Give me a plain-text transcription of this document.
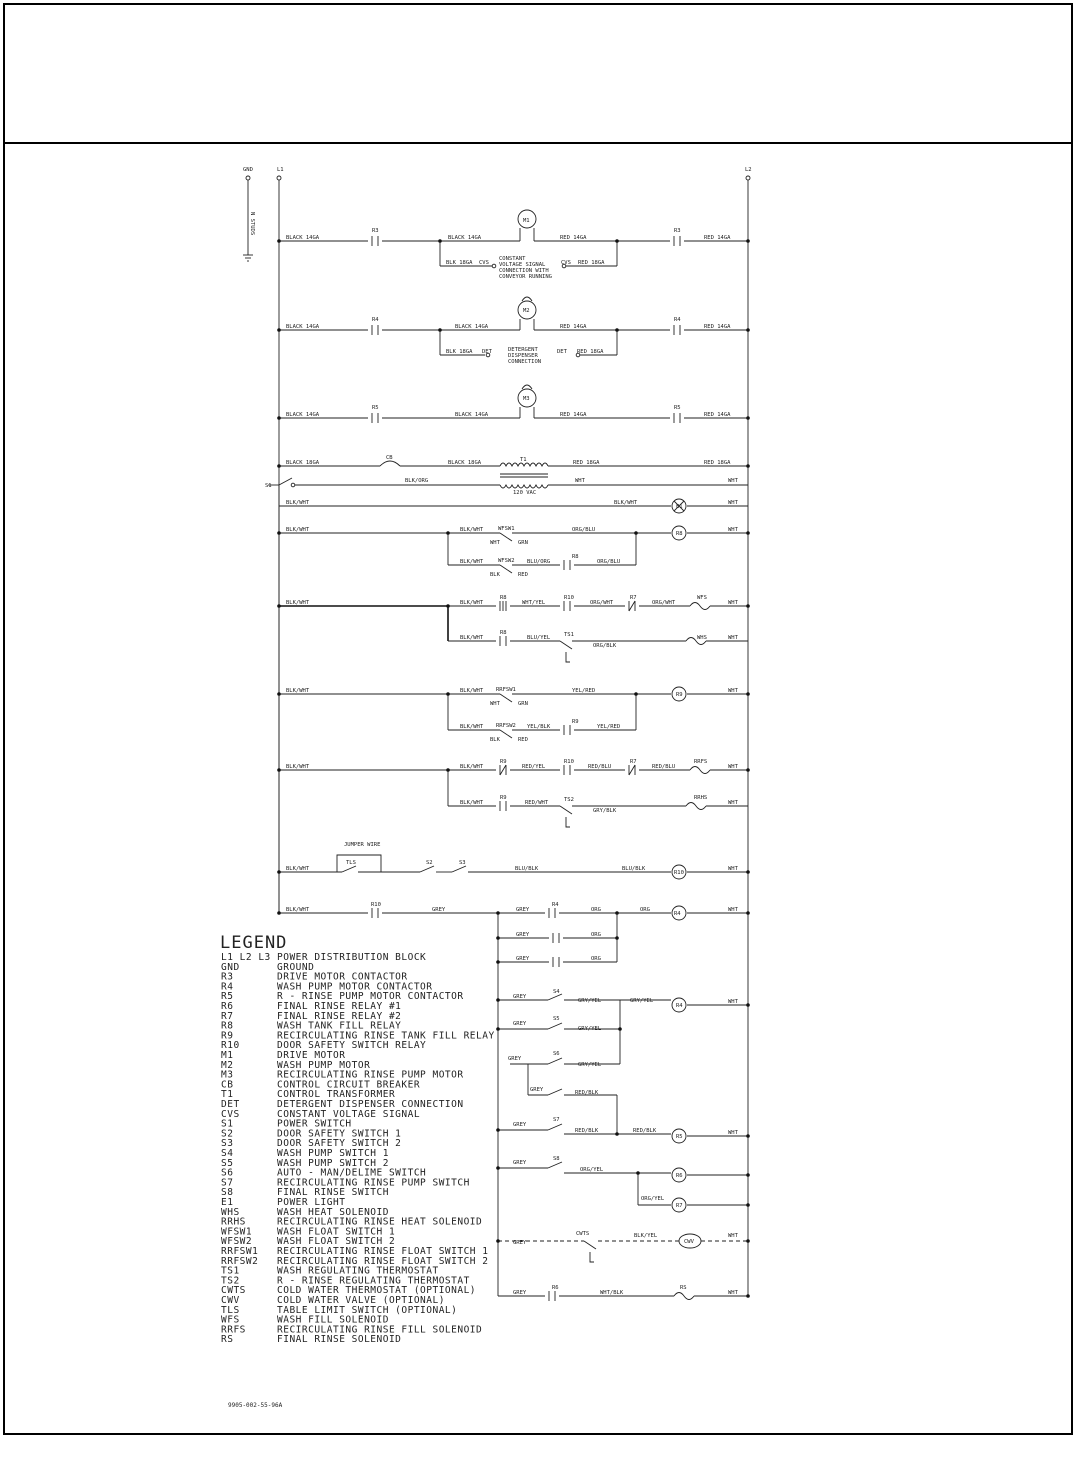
GND	L1	L2
N STUDS
BLACK 14GA
R3
BLACK 14GA
M1
RED 14GA
R3
RED 14GA
BLK 18GA CVS	CVS RED 18GA
CONSTANT
VOLTAGE SIGNAL
CONNECTION WITH
CONVEYOR RUNNING
BLACK 14GA
R4
BLACK 14GA
M2
RED 14GA
R4
RED 14GA
BLK 18GA DET	DET RED 18GA
DETERGENT
DISPENSER
CONNECTION
BLACK 14GA
R5
BLACK 14GA
M3
RED 14GA
R5
RED 14GA
BLACK 18GA
CB
BLACK 18GA	T1	RED 18GA	RED 18GA
120 VAC
S1
BLK/ORG	WHT	WHT
BLK/WHT	BLK/WHT	WHT
E1
BLK/WHT	BLK/WHT	WFSW1
WHT	GRN
ORG/BLU
R8
WHT
BLK/WHT	WFSW2
BLK	RED
BLU/ORG
R8
ORG/BLU
BLK/WHT	BLK/WHT
R8
WHT/YEL
R10
ORG/WHT
R7
ORG/WHT
WFS
WHT
BLK/WHT
R8
BLU/YEL	TS1
ORG/BLK
WHS	WHT
BLK/WHT	BLK/WHT RRFSW1
WHT	GRN
YEL/RED
R9
WHT
BLK/WHT RRFSW2
BLK	RED
YEL/BLK
R9
YEL/RED
BLK/WHT	BLK/WHT
R9
RED/YEL
R10
RED/BLU
R7
RED/BLU
RRFS
WHT
BLK/WHT
R9
RED/WHT	TS2
GRY/BLK
RRHS
WHT
JUMPER WIRE
BLK/WHT
TLS	S2	S3
BLU/BLK	BLU/BLK
R10
WHT
BLK/WHT
R10
GREY	GREY
R4
ORG	ORG
R4
WHT
GREY	ORG
GREY	ORG
GREY
S4
GRY/YEL	GRY/YEL
R4
WHT
GREY
S5
GRY/YEL
GREY
S6
GRY/YEL
GREY	RED/BLK
GREY
S7
RED/BLK	RED/BLK
R5
WHT
GREY
S8
ORG/YEL
R6
ORG/YEL
R7
GREY
CWTS	BLK/YEL
CWV
WHT
GREY
R6
WHT/BLK
RS
WHT
LEGEND
L1 L2 L3 POWER DISTRIBUTION BLOCK
GND	GROUND
R3	DRIVE MOTOR CONTACTOR
R4	WASH PUMP MOTOR CONTACTOR
R5	R - RINSE PUMP MOTOR CONTACTOR
R6	FINAL RINSE RELAY #1
R7	FINAL RINSE RELAY #2
R8	WASH TANK FILL RELAY
R9	RECIRCULATING RINSE TANK FILL RELAY
R10	DOOR SAFETY SWITCH RELAY
M1	DRIVE MOTOR
M2	WASH PUMP MOTOR
M3	RECIRCULATING RINSE PUMP MOTOR
CB	CONTROL CIRCUIT BREAKER
T1	CONTROL TRANSFORMER
DET	DETERGENT DISPENSER CONNECTION
CVS	CONSTANT VOLTAGE SIGNAL
S1	POWER SWITCH
S2	DOOR SAFETY SWITCH 1
S3	DOOR SAFETY SWITCH 2
S4	WASH PUMP SWITCH 1
S5	WASH PUMP SWITCH 2
S6	AUTO - MAN/DELIME SWITCH
S7	RECIRCULATING RINSE PUMP SWITCH
S8	FINAL RINSE SWITCH
E1	POWER LIGHT
WHS	WASH HEAT SOLENOID
RRHS	RECIRCULATING RINSE HEAT SOLENOID
WFSW1	WASH FLOAT SWITCH 1
WFSW2	WASH FLOAT SWITCH 2
RRFSW1 RECIRCULATING RINSE FLOAT SWITCH 1
RRFSW2 RECIRCULATING RINSE FLOAT SWITCH 2
TS1	WASH REGULATING THERMOSTAT
TS2	R - RINSE REGULATING THERMOSTAT
CWTS	COLD WATER THERMOSTAT (OPTIONAL)
CWV	COLD WATER VALVE (OPTIONAL)
TLS	TABLE LIMIT SWITCH (OPTIONAL)
WFS	WASH FILL SOLENOID
RRFS	RECIRCULATING RINSE FILL SOLENOID
RS	FINAL RINSE SOLENOID
9905-002-55-96A
